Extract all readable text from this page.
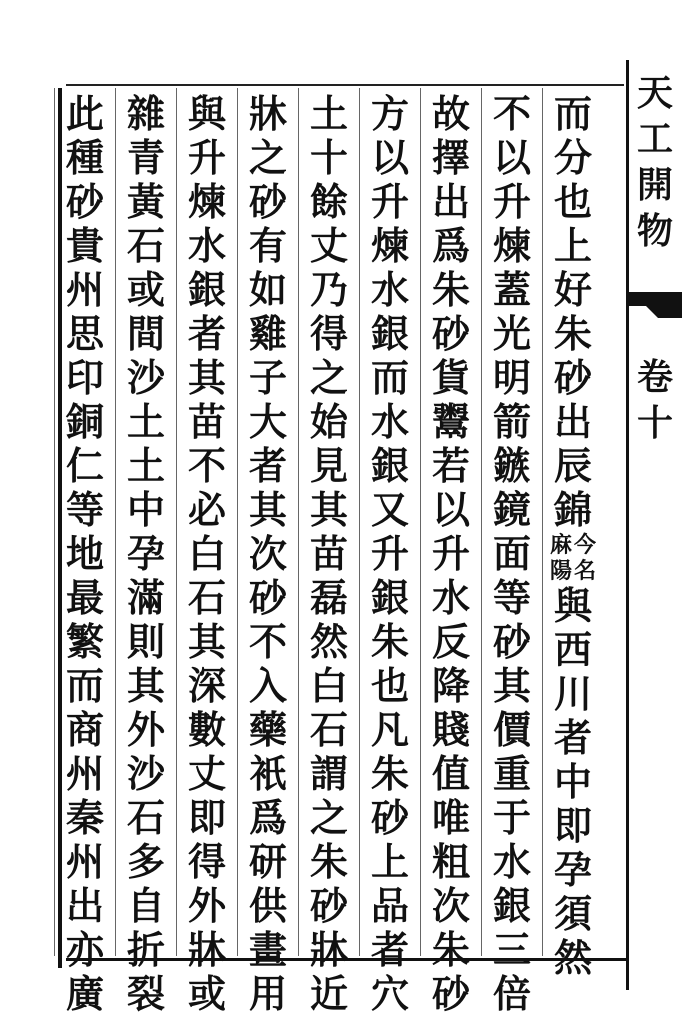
天
工
開
物
卷
十
而
分
也
上
好
朱
砂
出
辰
錦
今
名
麻
陽
與
西
川
者
中
即
孕
須
然
不
以
升
煉
蓋
光
明
箭
鏃
鏡
面
等
砂
其
價
重
于
水
銀
三
倍
故
擇
出
爲
朱
砂
貨
鬻
若
以
升
水
反
降
賤
值
唯
粗
次
朱
砂
方
以
升
煉
水
銀
而
水
銀
又
升
銀
朱
也
凡
朱
砂
上
品
者
穴
土
十
餘
丈
乃
得
之
始
見
其
苗
磊
然
白
石
謂
之
朱
砂
牀
近
牀
之
砂
有
如
雞
子
大
者
其
次
砂
不
入
藥
衹
爲
研
供
畫
用
與
升
煉
水
銀
者
其
苗
不
必
白
石
其
深
數
丈
即
得
外
牀
或
雜
青
黃
石
或
間
沙
土
土
中
孕
滿
則
其
外
沙
石
多
自
折
裂
此
種
砂
貴
州
思
印
銅
仁
等
地
最
繁
而
商
州
秦
州
出
亦
廣
